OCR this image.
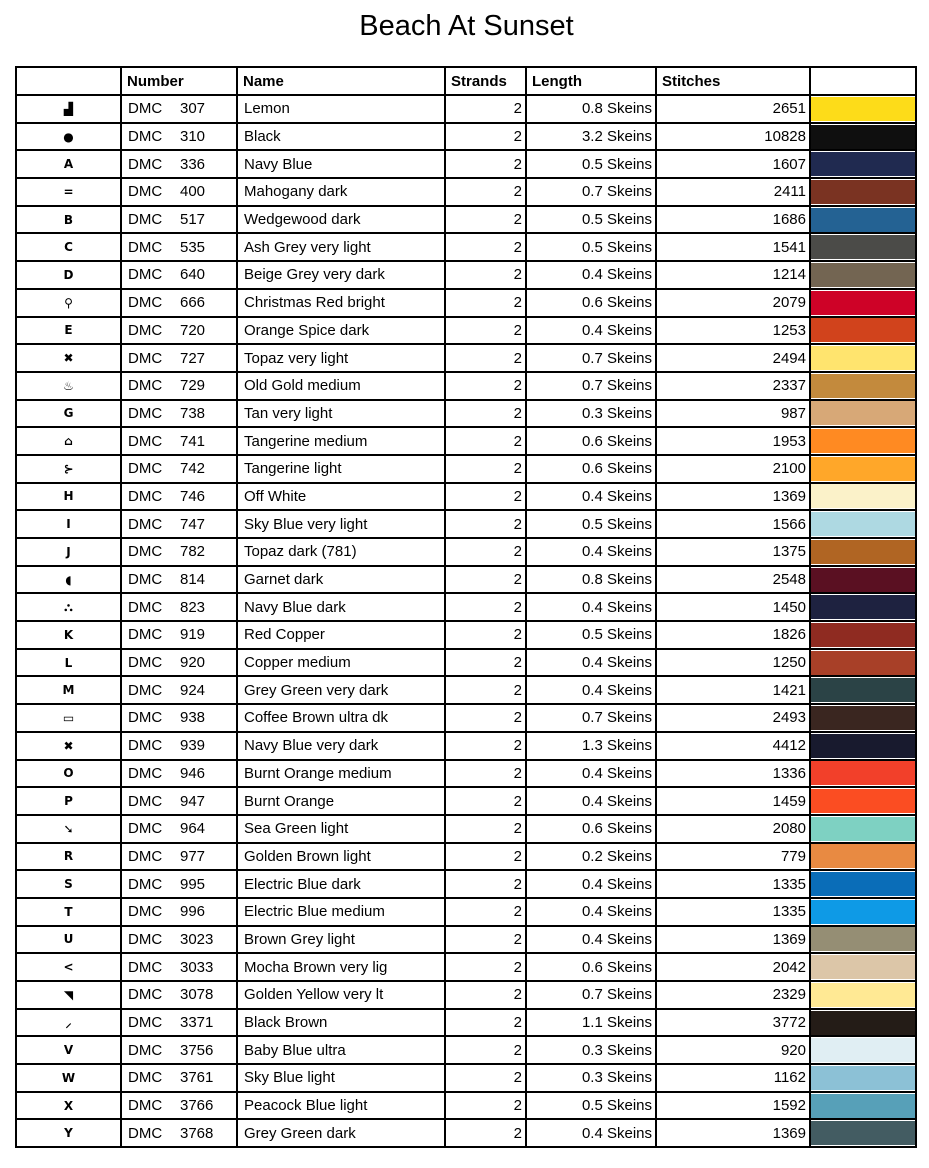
Beach At Sunset
	Number	Name	Strands	Length	Stitches	
▟	DMC 307	Lemon	2	0.8 Skeins	2651	

●	DMC 310	Black	2	3.2 Skeins	10828	

A	DMC 336	Navy Blue	2	0.5 Skeins	1607	

=	DMC 400	Mahogany dark	2	0.7 Skeins	2411	

B	DMC 517	Wedgewood dark	2	0.5 Skeins	1686	

C	DMC 535	Ash Grey very light	2	0.5 Skeins	1541	

D	DMC 640	Beige Grey very dark	2	0.4 Skeins	1214	

⚲	DMC 666	Christmas Red bright	2	0.6 Skeins	2079	

E	DMC 720	Orange Spice dark	2	0.4 Skeins	1253	

✖	DMC 727	Topaz very light	2	0.7 Skeins	2494	

♨	DMC 729	Old Gold medium	2	0.7 Skeins	2337	

G	DMC 738	Tan very light	2	0.3 Skeins	987	

⌂	DMC 741	Tangerine medium	2	0.6 Skeins	1953	

⊱	DMC 742	Tangerine light	2	0.6 Skeins	2100	

H	DMC 746	Off White	2	0.4 Skeins	1369	

I	DMC 747	Sky Blue very light	2	0.5 Skeins	1566	

J	DMC 782	Topaz dark (781)	2	0.4 Skeins	1375	

◖	DMC 814	Garnet dark	2	0.8 Skeins	2548	

⛬	DMC 823	Navy Blue dark	2	0.4 Skeins	1450	

K	DMC 919	Red Copper	2	0.5 Skeins	1826	

L	DMC 920	Copper medium	2	0.4 Skeins	1250	

M	DMC 924	Grey Green very dark	2	0.4 Skeins	1421	

▭	DMC 938	Coffee Brown ultra dk	2	0.7 Skeins	2493	

✖	DMC 939	Navy Blue very dark	2	1.3 Skeins	4412	

O	DMC 946	Burnt Orange medium	2	0.4 Skeins	1336	

P	DMC 947	Burnt Orange	2	0.4 Skeins	1459	

➘	DMC 964	Sea Green light	2	0.6 Skeins	2080	

R	DMC 977	Golden Brown light	2	0.2 Skeins	779	

S	DMC 995	Electric Blue dark	2	0.4 Skeins	1335	

T	DMC 996	Electric Blue medium	2	0.4 Skeins	1335	

U	DMC 3023	Brown Grey light	2	0.4 Skeins	1369	

<	DMC 3033	Mocha Brown very lig	2	0.6 Skeins	2042	

◥	DMC 3078	Golden Yellow very lt	2	0.7 Skeins	2329	

⸝	DMC 3371	Black Brown	2	1.1 Skeins	3772	

V	DMC 3756	Baby Blue ultra	2	0.3 Skeins	920	

W	DMC 3761	Sky Blue light	2	0.3 Skeins	1162	

X	DMC 3766	Peacock Blue light	2	0.5 Skeins	1592	

Y	DMC 3768	Grey Green dark	2	0.4 Skeins	1369	
